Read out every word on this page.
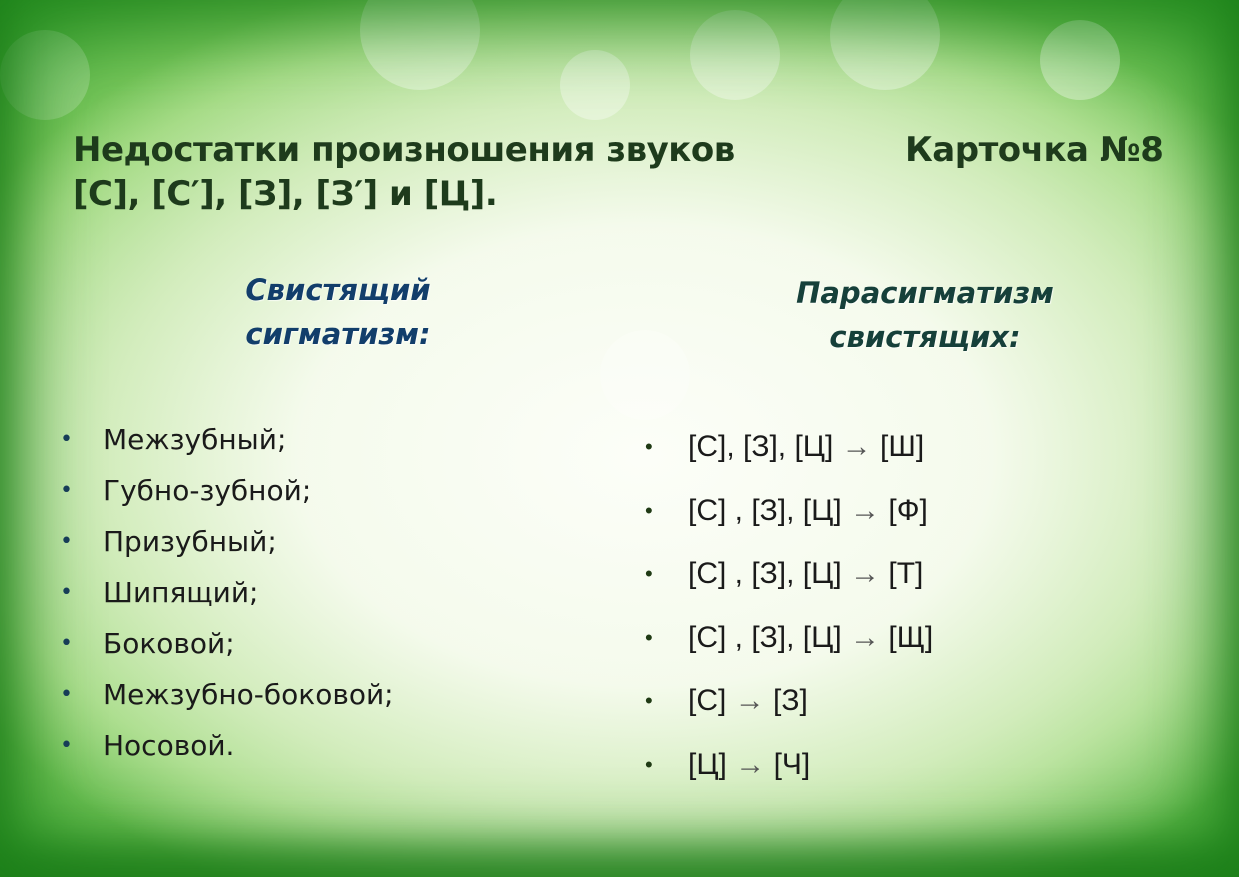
Недостатки произношения звуков
[С], [С′], [З], [З′] и [Ц].
Карточка №8
Свистящий
сигматизм:
Парасигматизм
свистящих:
• Межзубный;
• Губно-зубной;
• Призубный;
• Шипящий;
• Боковой;
• Межзубно-боковой;
• Носовой.
• [С], [З], [Ц] → [Ш]
• [С] , [З], [Ц] → [Ф]
• [С] , [З], [Ц] → [Т]
• [С] , [З], [Ц] → [Щ]
• [С] → [З]
• [Ц] → [Ч]
